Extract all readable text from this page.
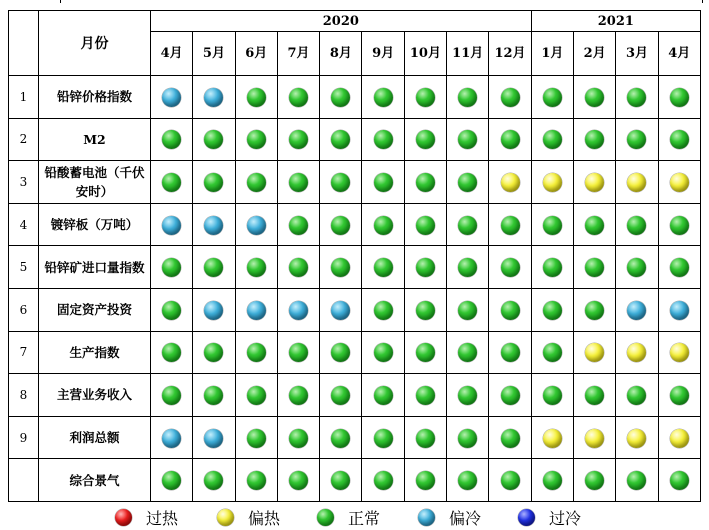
	月份	2020									2021			
		4月	5月	6月	7月	8月	9月	10月	11月	12月	1月	2月	3月	4月
1	铅锌价格指数													
2	M2													
3	铅酸蓄电池（千伏安时）													
4	镀锌板（万吨）													
5	铅锌矿进口量指数													
6	固定资产投资													
7	生产指数													
8	主营业务收入													
9	利润总额													
	综合景气													
过热	偏热	正常	偏冷	过冷
